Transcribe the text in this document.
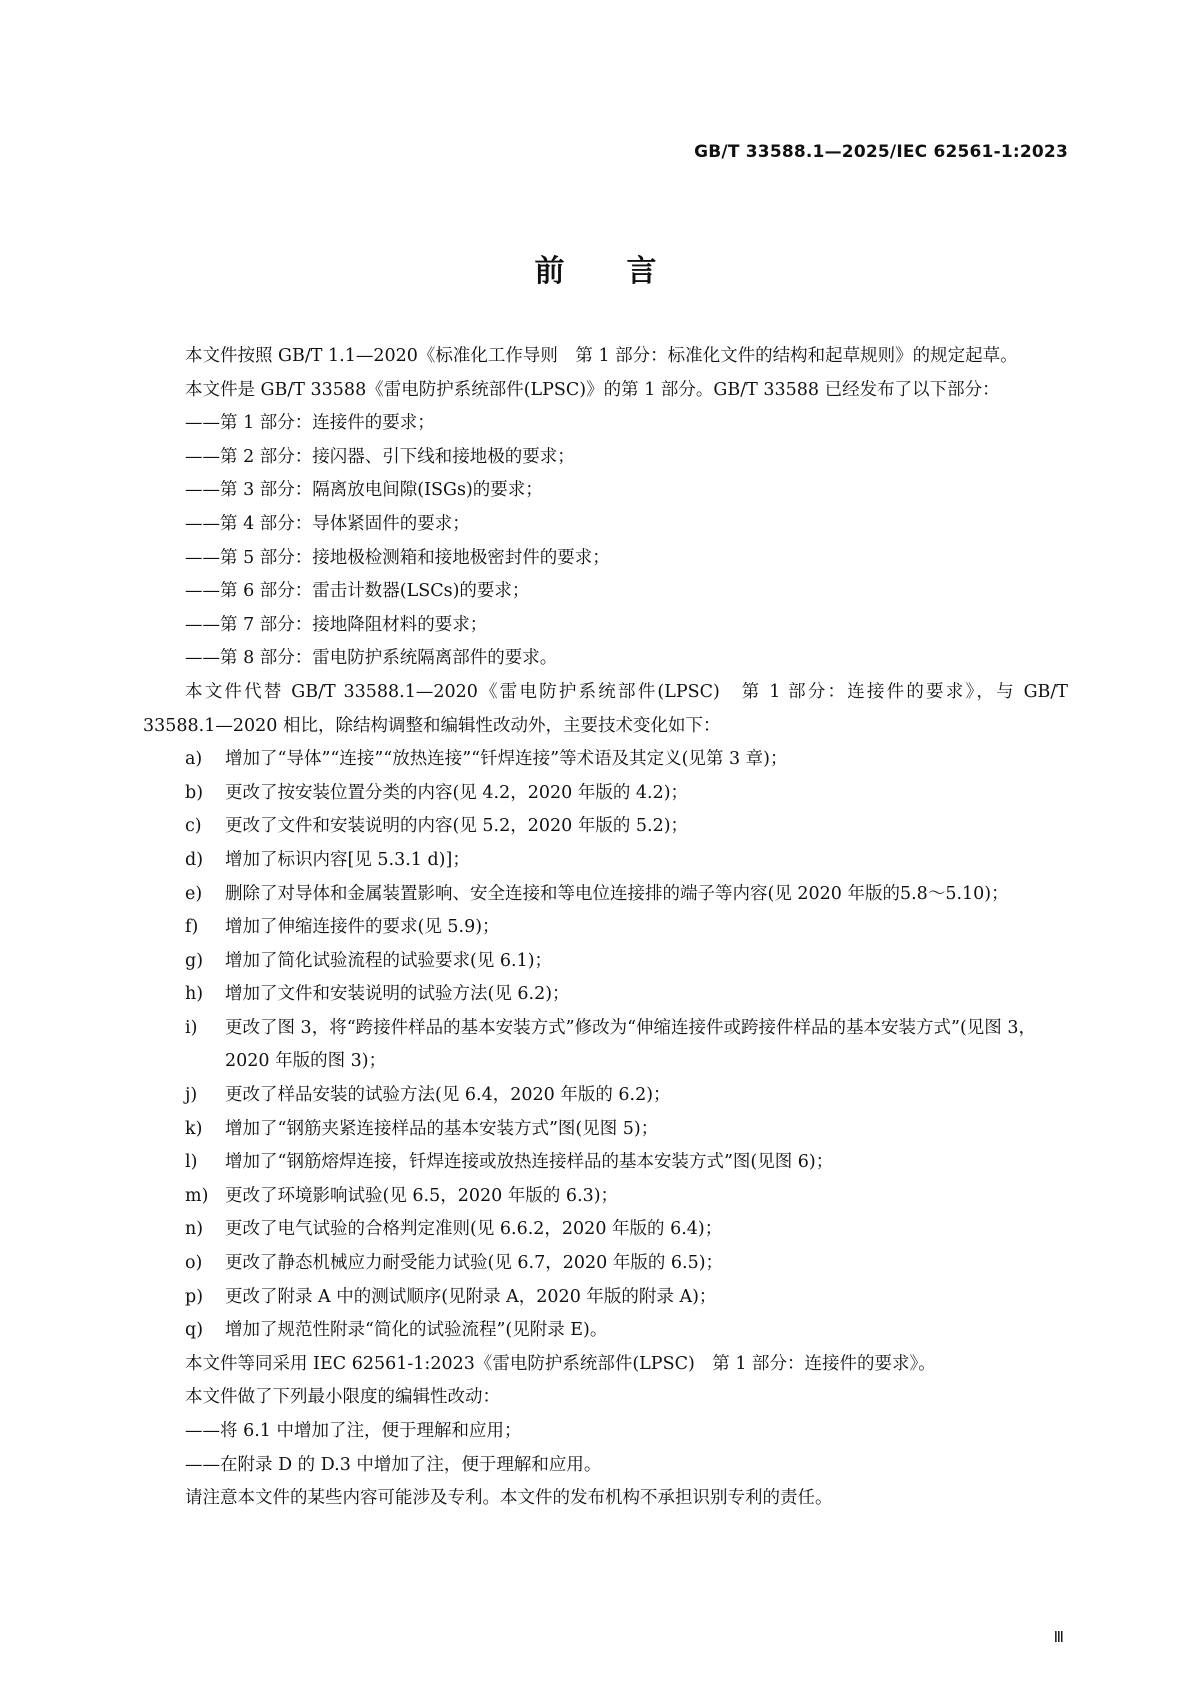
GB/T 33588.1—2025/IEC 62561-1:2023
前 言

本文件按照 GB/T 1.1—2020《标准化工作导则　第 1 部分：标准化文件的结构和起草规则》的规定起草。

本文件是 GB/T 33588《雷电防护系统部件(LPSC)》的第 1 部分。GB/T 33588 已经发布了以下部分：

——第 1 部分：连接件的要求；

——第 2 部分：接闪器、引下线和接地极的要求；

——第 3 部分：隔离放电间隙(ISGs)的要求；

——第 4 部分：导体紧固件的要求；

——第 5 部分：接地极检测箱和接地极密封件的要求；

——第 6 部分：雷击计数器(LSCs)的要求；

——第 7 部分：接地降阻材料的要求；

——第 8 部分：雷电防护系统隔离部件的要求。

本文件代替 GB/T 33588.1—2020《雷电防护系统部件(LPSC)　第 1 部分：连接件的要求》，与 GB/T 33588.1—2020 相比，除结构调整和编辑性改动外，主要技术变化如下：

a) 增加了“导体”“连接”“放热连接”“钎焊连接”等术语及其定义(见第 3 章)；

b) 更改了按安装位置分类的内容(见 4.2，2020 年版的 4.2)；

c) 更改了文件和安装说明的内容(见 5.2，2020 年版的 5.2)；

d) 增加了标识内容[见 5.3.1 d)]；

e) 删除了对导体和金属装置影响、安全连接和等电位连接排的端子等内容(见 2020 年版的5.8～5.10)；

f) 增加了伸缩连接件的要求(见 5.9)；

g) 增加了简化试验流程的试验要求(见 6.1)；

h) 增加了文件和安装说明的试验方法(见 6.2)；

i) 更改了图 3，将“跨接件样品的基本安装方式”修改为“伸缩连接件或跨接件样品的基本安装方式”(见图 3，2020 年版的图 3)；

j) 更改了样品安装的试验方法(见 6.4，2020 年版的 6.2)；

k) 增加了“钢筋夹紧连接样品的基本安装方式”图(见图 5)；

l) 增加了“钢筋熔焊连接，钎焊连接或放热连接样品的基本安装方式”图(见图 6)；

m) 更改了环境影响试验(见 6.5，2020 年版的 6.3)；

n) 更改了电气试验的合格判定准则(见 6.6.2，2020 年版的 6.4)；

o) 更改了静态机械应力耐受能力试验(见 6.7，2020 年版的 6.5)；

p) 更改了附录 A 中的测试顺序(见附录 A，2020 年版的附录 A)；

q) 增加了规范性附录“简化的试验流程”(见附录 E)。

本文件等同采用 IEC 62561-1:2023《雷电防护系统部件(LPSC)　第 1 部分：连接件的要求》。

本文件做了下列最小限度的编辑性改动：

——将 6.1 中增加了注，便于理解和应用；

——在附录 D 的 D.3 中增加了注，便于理解和应用。

请注意本文件的某些内容可能涉及专利。本文件的发布机构不承担识别专利的责任。

Ⅲ
